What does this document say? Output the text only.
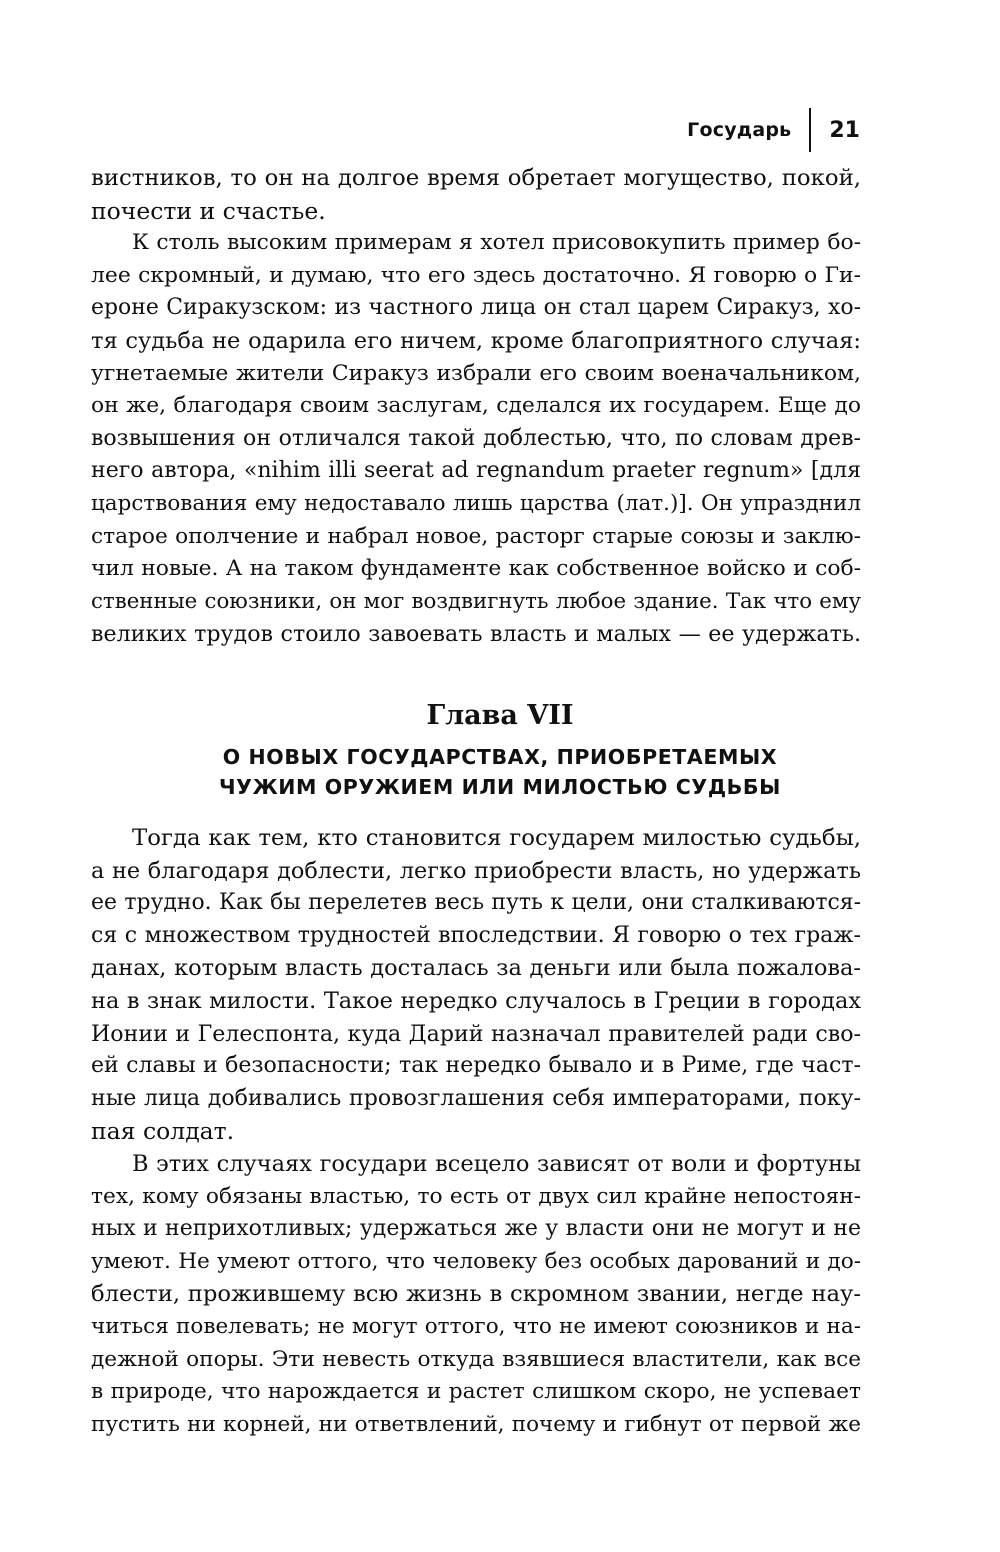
Государь	21
вистников, то он на долгое время обретает могущество, покой,
почести и счастье.
К столь высоким примерам я хотел присовокупить пример бо-
лее скромный, и думаю, что его здесь достаточно. Я говорю о Ги-
ероне Сиракузском: из частного лица он стал царем Сиракуз, хо-
тя судьба не одарила его ничем, кроме благоприятного случая:
угнетаемые жители Сиракуз избрали его своим военачальником,
он же, благодаря своим заслугам, сделался их государем. Еще до
возвышения он отличался такой доблестью, что, по словам древ-
него автора, «nihim illi seerat ad regnandum praeter regnum» [для
царствования ему недоставало лишь царства (лат.)]. Он упразднил
старое ополчение и набрал новое, расторг старые союзы и заклю-
чил новые. А на таком фундаменте как собственное войско и соб-
ственные союзники, он мог воздвигнуть любое здание. Так что ему
великих трудов стоило завоевать власть и малых — ее удержать.
Глава VII
О НОВЫХ ГОСУДАРСТВАХ, ПРИОБРЕТАЕМЫХ
ЧУЖИМ ОРУЖИЕМ ИЛИ МИЛОСТЬЮ СУДЬБЫ
Тогда как тем, кто становится государем милостью судьбы,
а не благодаря доблести, легко приобрести власть, но удержать
ее трудно. Как бы перелетев весь путь к цели, они сталкиваются-
ся с множеством трудностей впоследствии. Я говорю о тех граж-
данах, которым власть досталась за деньги или была пожалова-
на в знак милости. Такое нередко случалось в Греции в городах
Ионии и Гелеспонта, куда Дарий назначал правителей ради сво-
ей славы и безопасности; так нередко бывало и в Риме, где част-
ные лица добивались провозглашения себя императорами, поку-
пая солдат.
В этих случаях государи всецело зависят от воли и фортуны
тех, кому обязаны властью, то есть от двух сил крайне непостоян-
ных и неприхотливых; удержаться же у власти они не могут и не
умеют. Не умеют оттого, что человеку без особых дарований и до-
блести, прожившему всю жизнь в скромном звании, негде нау-
читься повелевать; не могут оттого, что не имеют союзников и на-
дежной опоры. Эти невесть откуда взявшиеся властители, как все
в природе, что нарождается и растет слишком скоро, не успевает
пустить ни корней, ни ответвлений, почему и гибнут от первой же
